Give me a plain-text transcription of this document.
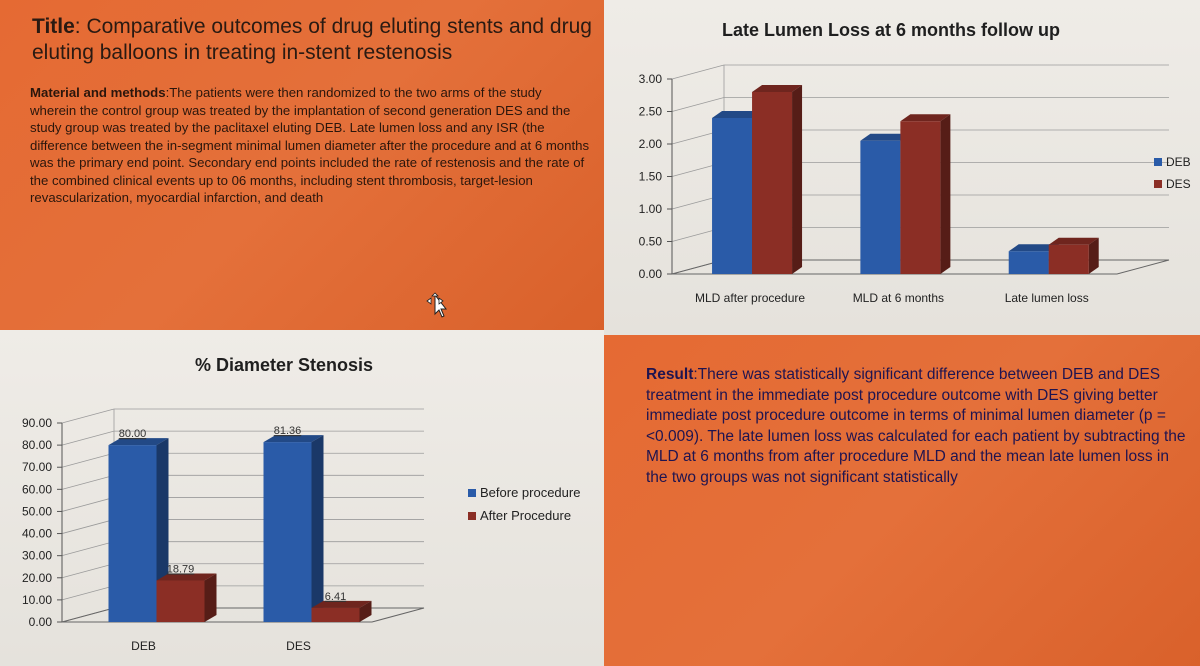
Title: Comparative outcomes of drug eluting stents and drug eluting balloons in treating in-stent restenosis
Material and methods:The patients were then randomized to the two arms of the study wherein the control group was treated by the implantation of second generation DES and the study group was treated by the paclitaxel eluting DEB. Late lumen loss and any ISR (the difference between the in-segment minimal lumen diameter after the procedure and at 6 months was the primary end point. Secondary end points included the rate of restenosis and the rate of the combined clinical events up to 06 months, including stent thrombosis, target-lesion revascularization, myocardial infarction, and death
Late Lumen Loss at 6 months follow up
0.00
0.50
1.00
1.50
2.00
2.50
3.00
MLD after procedure	MLD at 6 months	Late lumen loss
DEB
DES
% Diameter Stenosis
0.00
10.00
20.00
30.00
40.00
50.00
60.00
70.00
80.00
90.00
80.00
18.79
DEB
81.36
6.41
DES
Before procedure
After Procedure
Result:There was statistically significant difference between DEB and DES treatment in the immediate post procedure outcome with DES giving better immediate post procedure outcome in terms of minimal lumen diameter (p =<0.009). The late lumen loss was calculated for each patient by subtracting the MLD at 6 months from after procedure MLD and the mean late lumen loss in the two groups was not significant statistically
